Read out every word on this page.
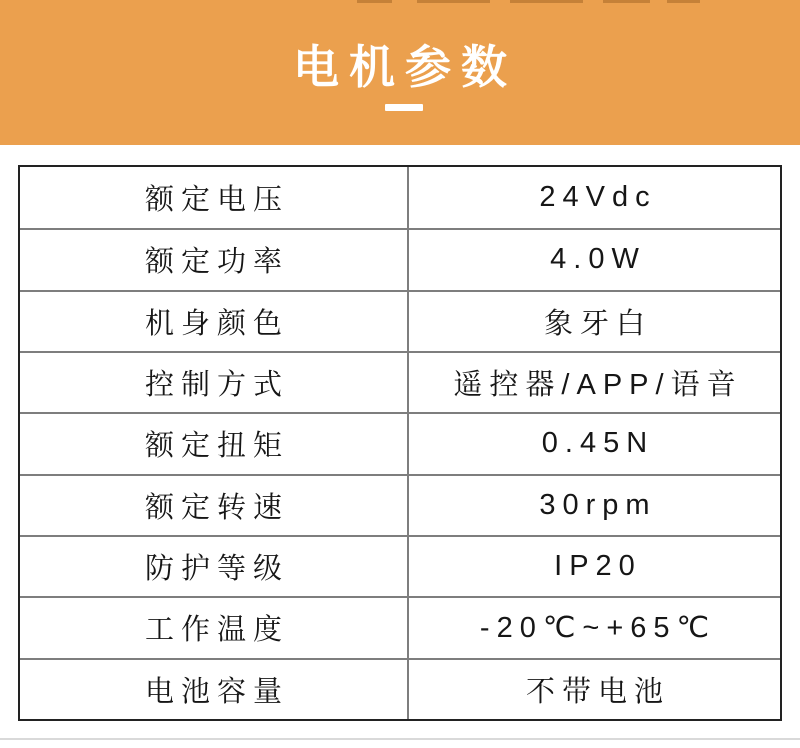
电机参数
额定电压	24Vdc
额定功率	4.0W
机身颜色	象牙白
控制方式	遥控器/APP/语音
额定扭矩	0.45N
额定转速	30rpm
防护等级	IP20
工作温度	-20℃~+65℃
电池容量	不带电池
